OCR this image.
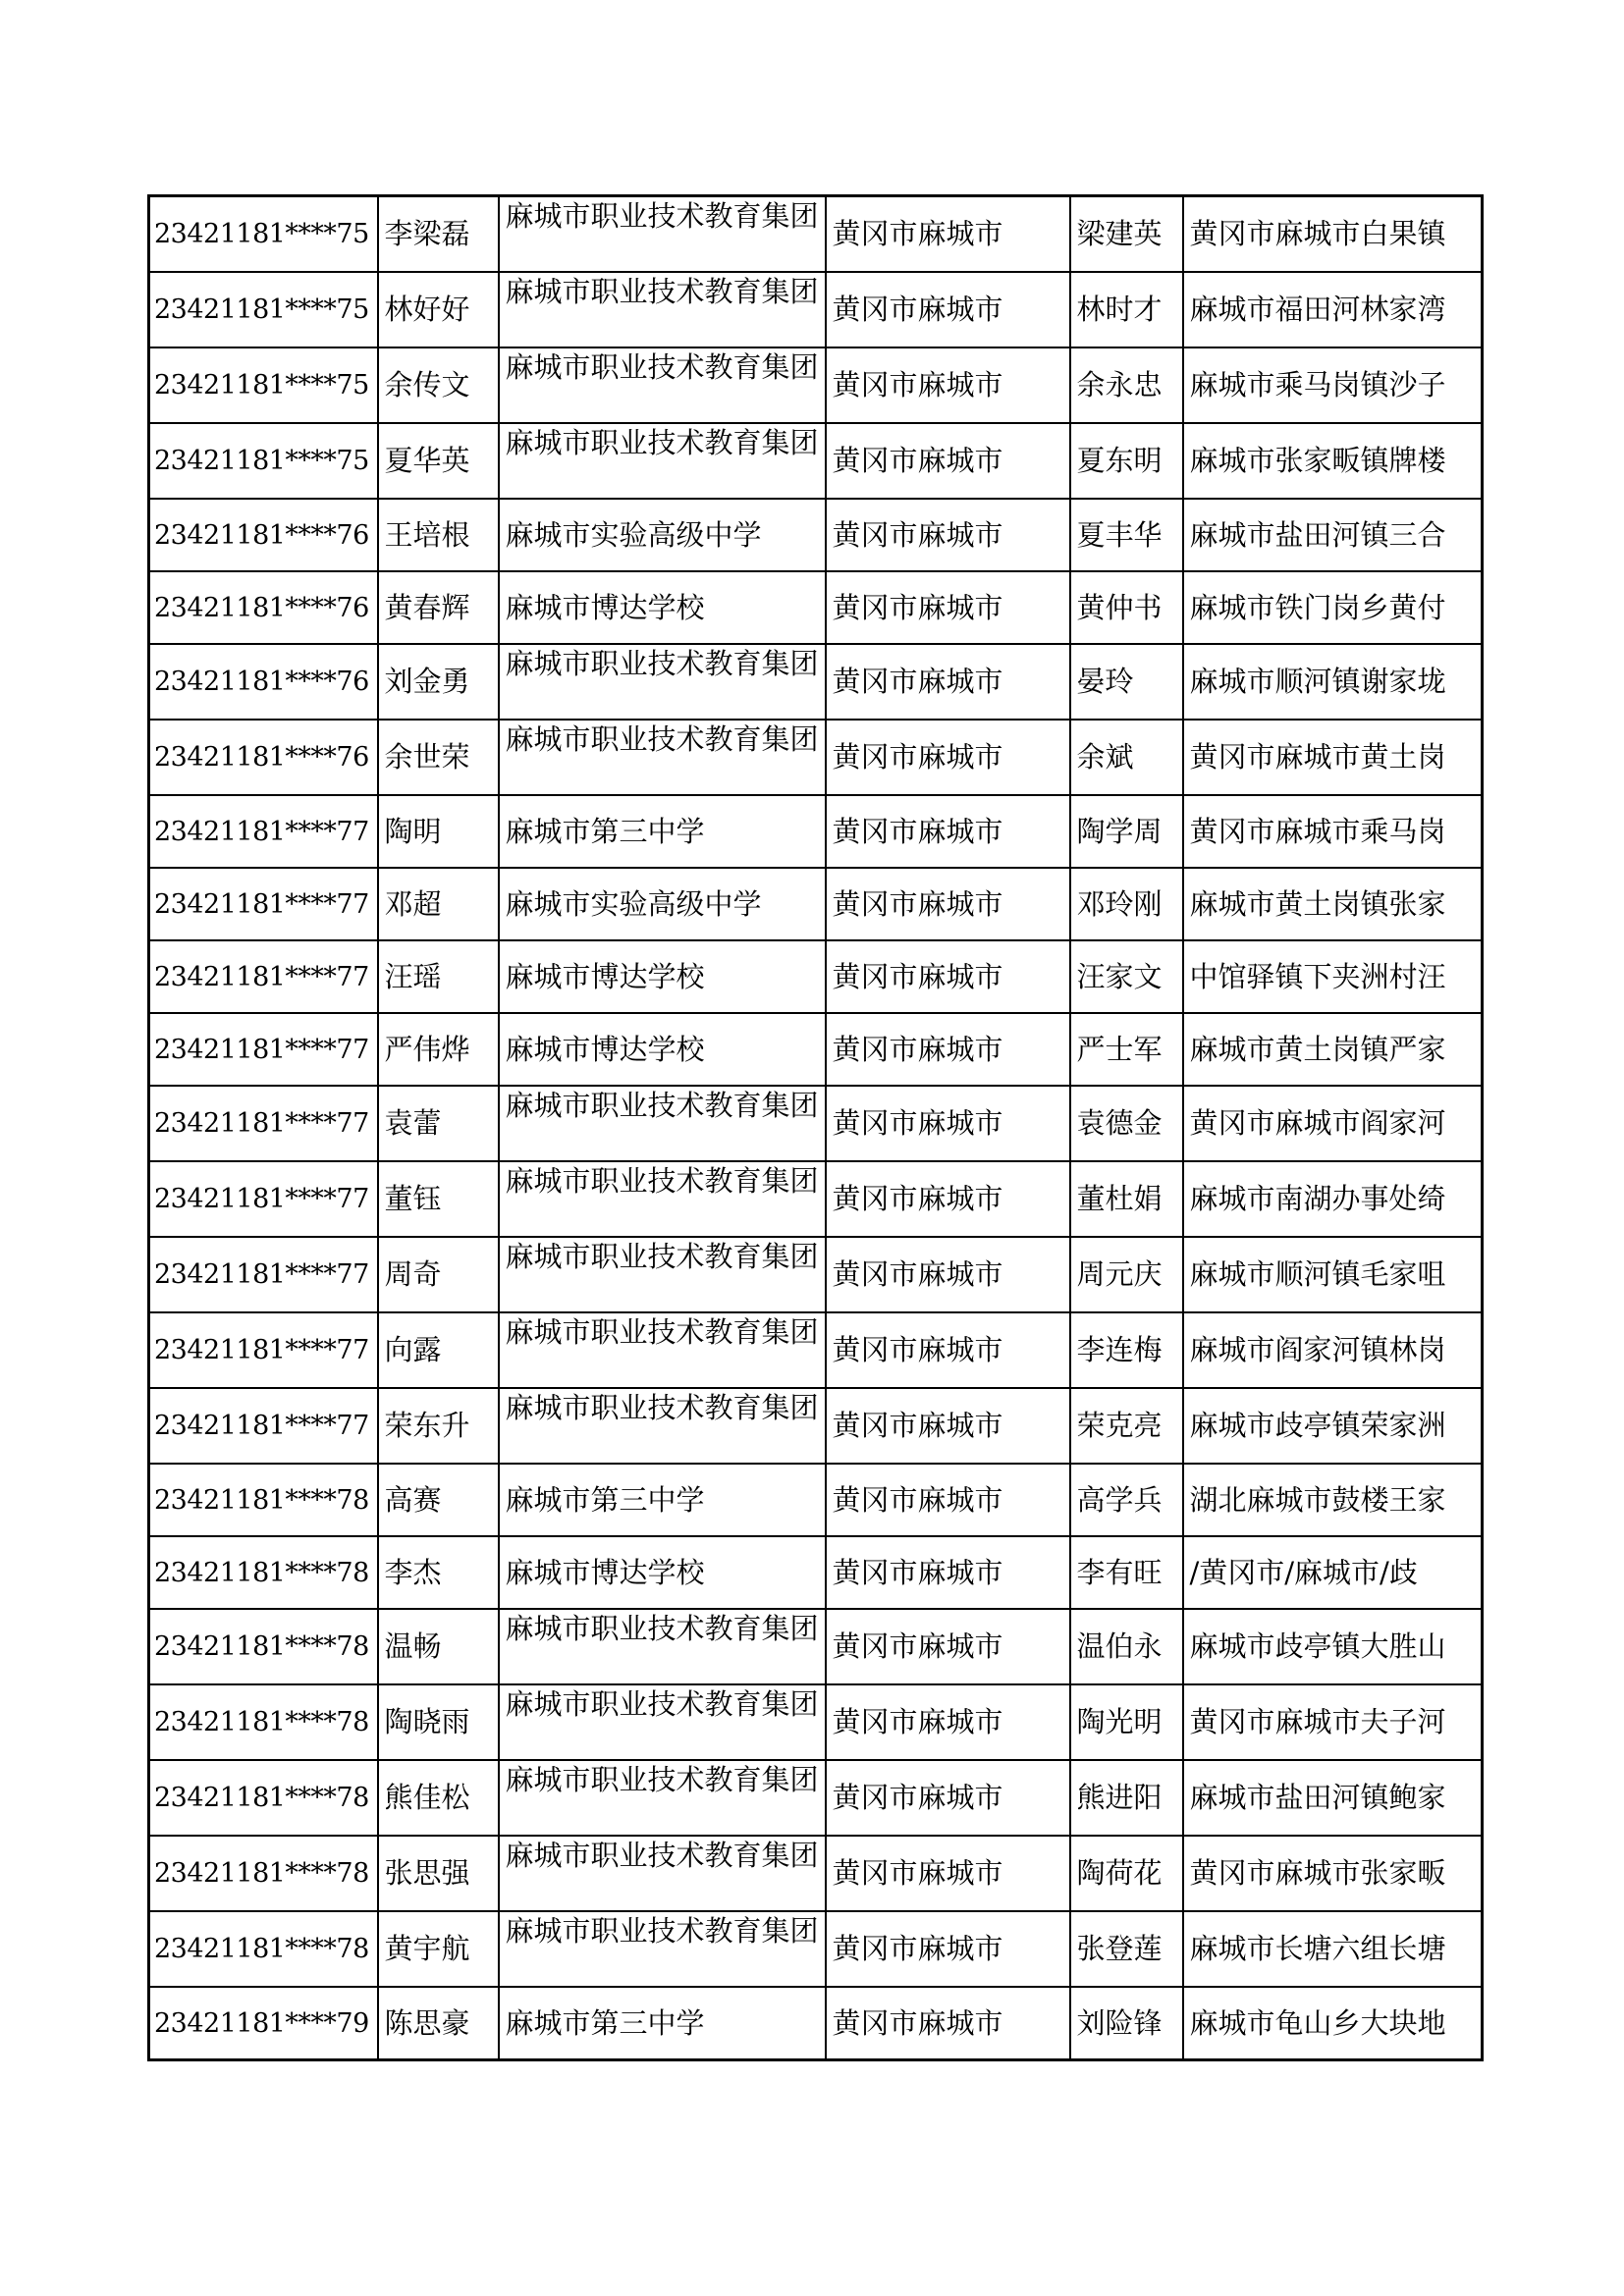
23421181****75	李梁磊	麻城市职业技术教育集团	黄冈市麻城市	梁建英	黄冈市麻城市白果镇
23421181****75	林好好	麻城市职业技术教育集团	黄冈市麻城市	林时才	麻城市福田河林家湾
23421181****75	余传文	麻城市职业技术教育集团	黄冈市麻城市	余永忠	麻城市乘马岗镇沙子
23421181****75	夏华英	麻城市职业技术教育集团	黄冈市麻城市	夏东明	麻城市张家畈镇牌楼
23421181****76	王培根	麻城市实验高级中学	黄冈市麻城市	夏丰华	麻城市盐田河镇三合
23421181****76	黄春辉	麻城市博达学校	黄冈市麻城市	黄仲书	麻城市铁门岗乡黄付
23421181****76	刘金勇	麻城市职业技术教育集团	黄冈市麻城市	晏玲	麻城市顺河镇谢家垅
23421181****76	余世荣	麻城市职业技术教育集团	黄冈市麻城市	余斌	黄冈市麻城市黄土岗
23421181****77	陶明	麻城市第三中学	黄冈市麻城市	陶学周	黄冈市麻城市乘马岗
23421181****77	邓超	麻城市实验高级中学	黄冈市麻城市	邓玲刚	麻城市黄土岗镇张家
23421181****77	汪瑶	麻城市博达学校	黄冈市麻城市	汪家文	中馆驿镇下夹洲村汪
23421181****77	严伟烨	麻城市博达学校	黄冈市麻城市	严士军	麻城市黄土岗镇严家
23421181****77	袁蕾	麻城市职业技术教育集团	黄冈市麻城市	袁德金	黄冈市麻城市阎家河
23421181****77	董钰	麻城市职业技术教育集团	黄冈市麻城市	董杜娟	麻城市南湖办事处绮
23421181****77	周奇	麻城市职业技术教育集团	黄冈市麻城市	周元庆	麻城市顺河镇毛家咀
23421181****77	向露	麻城市职业技术教育集团	黄冈市麻城市	李连梅	麻城市阎家河镇林岗
23421181****77	荣东升	麻城市职业技术教育集团	黄冈市麻城市	荣克亮	麻城市歧亭镇荣家洲
23421181****78	高赛	麻城市第三中学	黄冈市麻城市	高学兵	湖北麻城市鼓楼王家
23421181****78	李杰	麻城市博达学校	黄冈市麻城市	李有旺	/黄冈市/麻城市/歧
23421181****78	温畅	麻城市职业技术教育集团	黄冈市麻城市	温伯永	麻城市歧亭镇大胜山
23421181****78	陶晓雨	麻城市职业技术教育集团	黄冈市麻城市	陶光明	黄冈市麻城市夫子河
23421181****78	熊佳松	麻城市职业技术教育集团	黄冈市麻城市	熊进阳	麻城市盐田河镇鲍家
23421181****78	张思强	麻城市职业技术教育集团	黄冈市麻城市	陶荷花	黄冈市麻城市张家畈
23421181****78	黄宇航	麻城市职业技术教育集团	黄冈市麻城市	张登莲	麻城市长塘六组长塘
23421181****79	陈思豪	麻城市第三中学	黄冈市麻城市	刘险锋	麻城市龟山乡大块地
